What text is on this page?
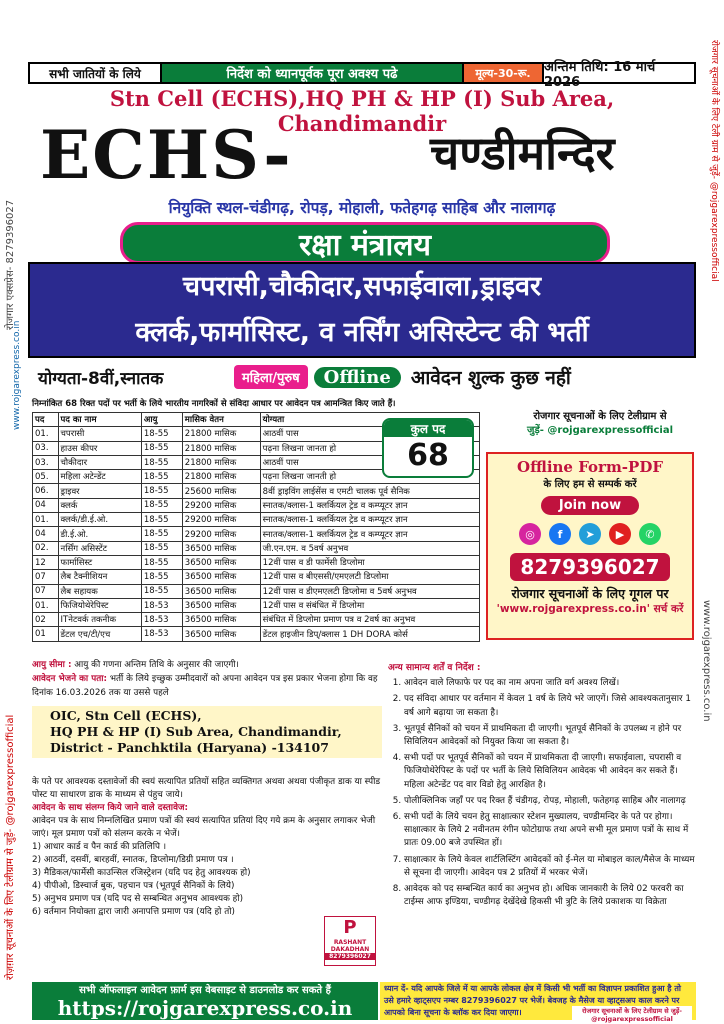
रोजगार एक्सप्रेस- 8279396027
www.rojgarexpress.co.in
रोज़ग़ार सूचनाओं के लिए टेलीग्राम से जुड़ें- @rojgarexpressofficial
रोजगार सूचनाओं के लिए टेली ग्राम से जुड़ें- @rojgarexpressofficial
www.rojgarexpress.co.in
सभी जातियों के लिये	निर्देश को ध्यानपूर्वक पूरा अवश्य पढे	मूल्य-30-रू.	अन्तिम तिथि: 16 मार्च 2026
Stn Cell (ECHS),HQ PH & HP (I) Sub Area, Chandimandir
ECHS-	चण्डीमन्दिर
नियुक्ति स्थल-चंडीगढ़, रोपड़, मोहाली, फतेहगढ़ साहिब और नालागढ़
रक्षा मंत्रालय
चपरासी,चौकीदार,सफाईवाला,ड्राइवर
क्लर्क,फार्मासिस्ट, व नर्सिंग असिस्टेन्ट की भर्ती
योग्यता-8वीं,स्नातक	महिला/पुरुष	Offline	आवेदन शुल्क कुछ नहीं
निम्नांकित 68 रिक्त पदों पर भर्ती के लिये भारतीय नागरिकों से संविदा आधार पर आवेदन पत्र आमन्त्रित किए जाते हैं।
पद	पद का नाम	आयु	मासिक वेतन	योग्यता
01.	चपरासी	18-55	21800 मासिक	आठवीं पास
03.	हाउस कीपर	18-55	21800 मासिक	पढ़ना लिखना जानता हो
03.	चौकीदार	18-55	21800 मासिक	आठवीं पास
05.	महिला अटेन्डेंट	18-55	21800 मासिक	पढ़ना लिखना जानती हो
06.	ड्राइवर	18-55	25600 मासिक	8वीं ड्राइविंग लाईसेंस व एमटी चालक पूर्व सैनिक
04	क्लर्क	18-55	29200 मासिक	स्नातक/क्लास-1 क्लर्कियल ट्रेड व कम्प्यूटर ज्ञान
01.	क्लर्क/डी.ई.ओ.	18-55	29200 मासिक	स्नातक/क्लास-1 क्लर्कियल ट्रेड व कम्प्यूटर ज्ञान
04	डी.ई.ओ.	18-55	29200 मासिक	स्नातक/क्लास-1 क्लर्कियल ट्रेड व कम्प्यूटर ज्ञान
02.	नर्सिंग असिस्टेंट	18-55	36500 मासिक	जी.एन.एम. व 5वर्ष अनुभव
12	फार्मासिस्ट	18-55	36500 मासिक	12वीं पास व डी फार्मेसी डिप्लोमा
07	लैब टैक्नीशियन	18-55	36500 मासिक	12वीं पास व बीएससी/एमएलटी डिप्लोमा
07	लैब सहायक	18-55	36500 मासिक	12वीं पास व डीएमएलटी डिप्लोमा व 5वर्ष अनुभव
01.	फिजियोथेरेपिस्ट	18-53	36500 मासिक	12वीं पास व संबंधित में डिप्लोमा
02	ITनेटवर्क तकनीक	18-53	36500 मासिक	संबंधित में डिप्लोमा प्रमाण पत्र व 2वर्ष का अनुभव
01	डेंटल एच/टी/एच	18-53	36500 मासिक	डेंटल हाइजीन डिप्/क्लास 1 DH DORA कोर्स
कुल पद
68
रोजगार सूचनाओं के लिए टेलीग्राम से
जुड़ें- @rojgarexpressofficial
Offline Form-PDF
के लिए हम से सम्पर्क करें
Join now
◎	f	➤	▶	✆
8279396027
रोजगार सूचनाओं के लिए गूगल पर
'www.rojgarexpress.co.in' सर्च करें
आयु सीमा : आयु की गणना अन्तिम तिथि के अनुसार की जाएगी।
आवेदन भेजने का पता: भर्ती के लिये इच्छुक उम्मीदवारों को अपना आवेदन पत्र इस प्रकार भेजना होगा कि वह दिनांक 16.03.2026 तक या उससे पहले
OIC, Stn Cell (ECHS),
HQ PH & HP (I) Sub Area, Chandimandir,
District - Panchktila (Haryana) -134107
के पते पर आवश्यक दस्तावेजों की स्वयं सत्यापित प्रतियों सहित व्यक्तिगत अथवा अथवा पंजीकृत डाक या स्पीड पोस्ट या साधारण डाक के माध्यम से पंहुच जाये।
आवेदन के साथ संलग्न किये जाने वाले दस्तावेज:
आवेदन पत्र के साथ निम्नलिखित प्रमाण पत्रों की स्वयं सत्यापित प्रतियां दिए गये क्रम के अनुसार लगाकर भेजी जाएं। मूल प्रमाण पत्रों को संलग्न करके न भेजें।
1) आधार कार्ड व पैन कार्ड की प्रतिलिपि ।
2) आठवीं, दसवीं, बारहवीं, स्नातक, डिप्लोमा/डिग्री प्रमाण पत्र ।
3) मैडिकल/फार्मेसी काउन्सिल रजिस्ट्रेशन (यदि पद हेतु आवश्यक हो)
4) पीपीओ, डिस्चार्ज बुक, पहचान पत्र (भूतपूर्व सैनिकों के लिये)
5) अनुभव प्रमाण पत्र (यदि पद से सम्बन्धित अनुभव आवश्यक हो)
6) वर्तमान नियोक्ता द्वारा जारी अनापत्ति प्रमाण पत्र (यदि हो तो)
P
RASHANT
DAKADHAN
8279396027
अन्य सामान्य शर्तें व निर्देश :
1. आवेदन वाले लिफाफे पर पद का नाम अपना जाति वर्ग अवश्य लिखें।
2. पद संविदा आधार पर वर्तमान में केवल 1 वर्ष के लिये भरे जाएगें। जिसे आवश्यकतानुसार 1 वर्ष आगे बढ़ाया जा सकता है।
3. भूतपूर्व सैनिकों को चयन में प्राथमिकता दी जाएगी। भूतपूर्व सैनिकों के उपलब्ध न होने पर सिविलियन आवेदकों को नियुक्त किया जा सकता है।
4. सभी पदों पर भूतपूर्व सैनिकों को चयन में प्राथमिकता दी जाएगी। सफाईवाला, चपरासी व फिजियोथेरेपिस्ट के पदों पर भर्ती के लिये सिविलियन आवेदक भी आवेदन कर सकते हैं। महिला अटेन्डेंट पद वार विडो हेतु आरक्षित है।
5. पोलीक्लिनिक जहाँ पर पद रिक्त हैं चंडीगढ़, रोपड़, मोहाली, फतेहगढ़ साहिब और नालागढ़
6. सभी पदों के लिये चयन हेतु साक्षात्कार स्टेशन मुख्यालय, चण्डीमन्दिर के पते पर होगा। साक्षात्कार के लिये 2 नवीनतम रंगीन फोटोग्राफ तथा अपने सभी मूल प्रमाण पत्रों के साथ में प्रातः 09.00 बजे उपस्थित हों।
7. साक्षात्कार के लिये केवल शार्टलिस्टिंग आवेदकों को ई-मेल या मोबाइल काल/मैसेज के माध्यम से सूचना दी जाएगी। आवेदन पत्र 2 प्रतियों में भरकर भेजें।
8. आवेदक को पद सम्बन्धित कार्य का अनुभव हो। अधिक जानकारी के लिये 02 फरवरी का टाईम्स आफ इण्डिया, चण्डीगढ़ देखेंदेखे हिकसी भी त्रुटि के लिये प्रकाशक या विक्रेता
सभी ऑफलाइन आवेदन फ़ार्म इस वेबसाइट से डाउनलोड कर सकते हैं
https://rojgarexpress.co.in
ध्यान दें- यदि आपके जिले में या आपके लोकल क्षेत्र में किसी भी भर्ती का विज्ञापन प्रकाशित हुआ है तो उसे हमारे व्हाट्सएप नम्बर 8279396027 पर भेजें। बेवजह के मैसेज या व्हाट्सअप काल करने पर आपको बिना सूचना के ब्लॉक कर दिया जाएगा।	रोजगार सूचनाओं के लिए टेलीग्राम से जुड़ें- @rojgarexpressofficial
